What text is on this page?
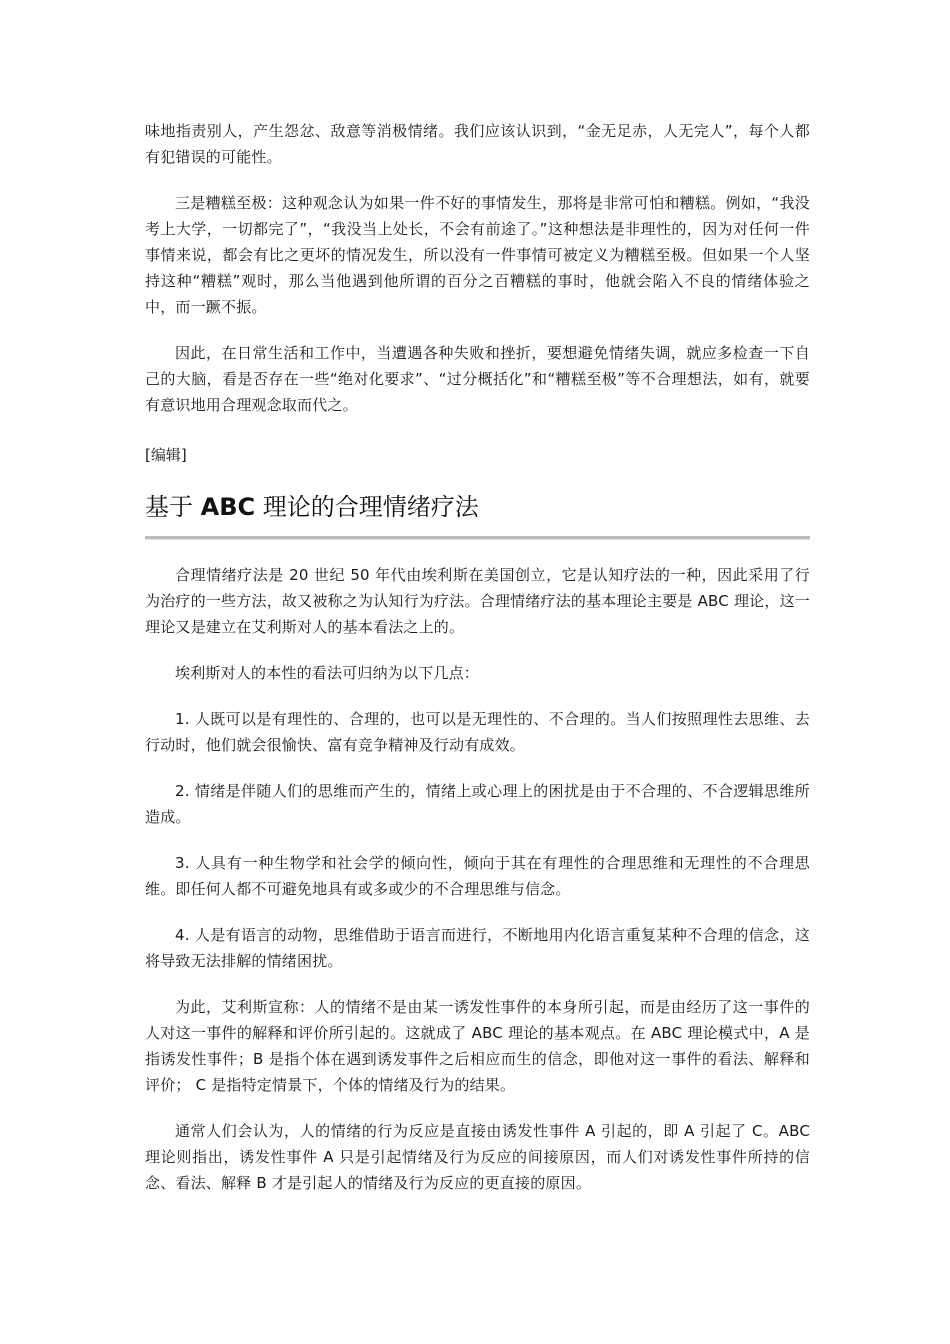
味地指责别人，产生怨忿、敌意等消极情绪。我们应该认识到，“金无足赤，人无完人”，每个人都有犯错误的可能性。

三是糟糕至极：这种观念认为如果一件不好的事情发生，那将是非常可怕和糟糕。例如，“我没考上大学，一切都完了”，“我没当上处长，不会有前途了。”这种想法是非理性的，因为对任何一件事情来说，都会有比之更坏的情况发生，所以没有一件事情可被定义为糟糕至极。但如果一个人坚持这种“糟糕”观时，那么当他遇到他所谓的百分之百糟糕的事时，他就会陷入不良的情绪体验之中，而一蹶不振。

因此，在日常生活和工作中，当遭遇各种失败和挫折，要想避免情绪失调，就应多检查一下自己的大脑，看是否存在一些“绝对化要求”、“过分概括化”和“糟糕至极”等不合理想法，如有，就要有意识地用合理观念取而代之。

[编辑]
基于 ABC 理论的合理情绪疗法

合理情绪疗法是 20 世纪 50 年代由埃利斯在美国创立，它是认知疗法的一种，因此采用了行为治疗的一些方法，故又被称之为认知行为疗法。合理情绪疗法的基本理论主要是 ABC 理论，这一理论又是建立在艾利斯对人的基本看法之上的。

埃利斯对人的本性的看法可归纳为以下几点：

1. 人既可以是有理性的、合理的，也可以是无理性的、不合理的。当人们按照理性去思维、去行动时，他们就会很愉快、富有竞争精神及行动有成效。

2. 情绪是伴随人们的思维而产生的，情绪上或心理上的困扰是由于不合理的、不合逻辑思维所造成。

3. 人具有一种生物学和社会学的倾向性，倾向于其在有理性的合理思维和无理性的不合理思维。即任何人都不可避免地具有或多或少的不合理思维与信念。

4. 人是有语言的动物，思维借助于语言而进行，不断地用内化语言重复某种不合理的信念，这将导致无法排解的情绪困扰。

为此，艾利斯宣称：人的情绪不是由某一诱发性事件的本身所引起，而是由经历了这一事件的人对这一事件的解释和评价所引起的。这就成了 ABC 理论的基本观点。在 ABC 理论模式中，A 是指诱发性事件；B 是指个体在遇到诱发事件之后相应而生的信念，即他对这一事件的看法、解释和评价； C 是指特定情景下，个体的情绪及行为的结果。

通常人们会认为，人的情绪的行为反应是直接由诱发性事件 A 引起的，即 A 引起了 C。ABC 理论则指出，诱发性事件 A 只是引起情绪及行为反应的间接原因，而人们对诱发性事件所持的信念、看法、解释 B 才是引起人的情绪及行为反应的更直接的原因。
